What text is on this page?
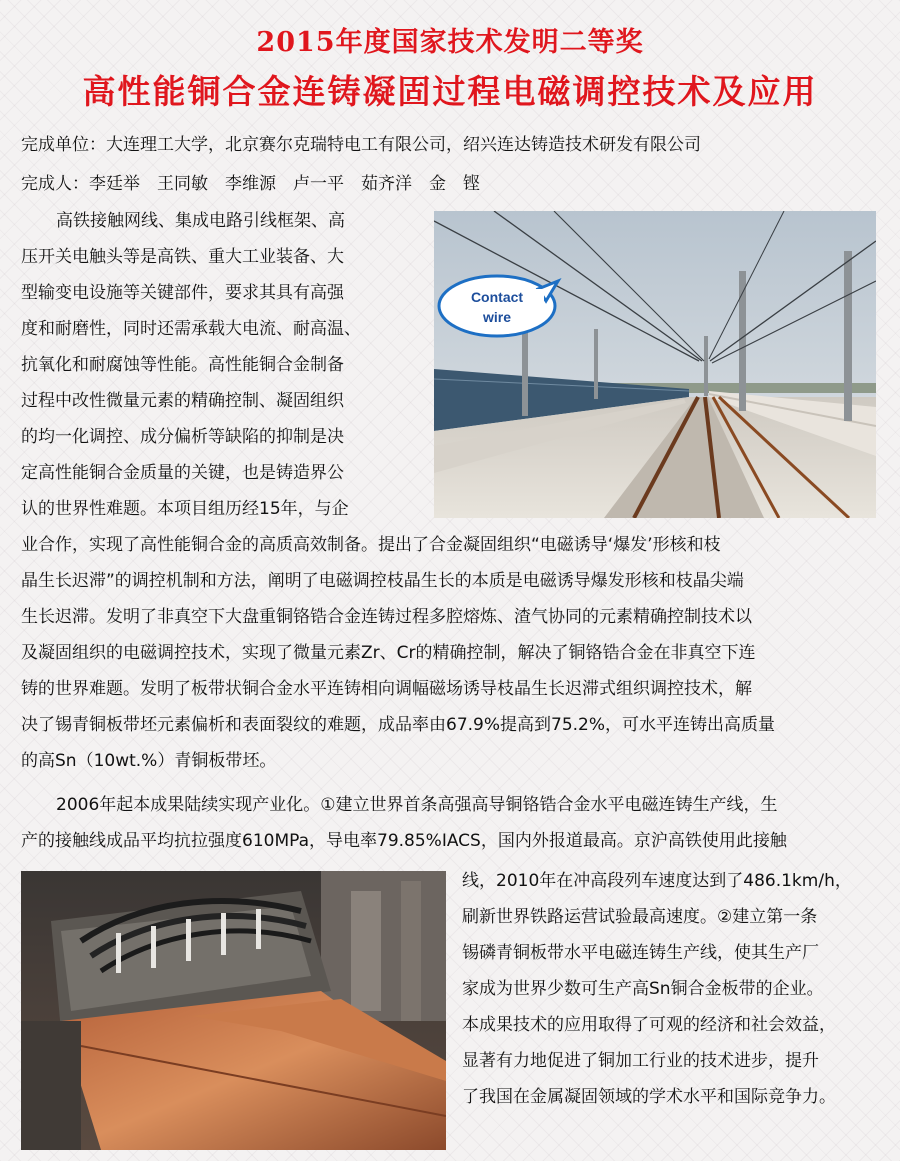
2015年度国家技术发明二等奖
高性能铜合金连铸凝固过程电磁调控技术及应用
完成单位：大连理工大学，北京赛尔克瑞特电工有限公司，绍兴连达铸造技术研发有限公司
完成人：李廷举　王同敏　李维源　卢一平　茹齐洋　金　铿
高铁接触网线、集成电路引线框架、高
压开关电触头等是高铁、重大工业装备、大
型输变电设施等关键部件，要求其具有高强
度和耐磨性，同时还需承载大电流、耐高温、
抗氧化和耐腐蚀等性能。高性能铜合金制备
过程中改性微量元素的精确控制、凝固组织
的均一化调控、成分偏析等缺陷的抑制是决
定高性能铜合金质量的关键，也是铸造界公
认的世界性难题。本项目组历经15年，与企
业合作，实现了高性能铜合金的高质高效制备。提出了合金凝固组织“电磁诱导‘爆发’形核和枝
晶生长迟滞”的调控机制和方法，阐明了电磁调控枝晶生长的本质是电磁诱导爆发形核和枝晶尖端
生长迟滞。发明了非真空下大盘重铜铬锆合金连铸过程多腔熔炼、渣气协同的元素精确控制技术以
及凝固组织的电磁调控技术，实现了微量元素Zr、Cr的精确控制，解决了铜铬锆合金在非真空下连
铸的世界难题。发明了板带状铜合金水平连铸相向调幅磁场诱导枝晶生长迟滞式组织调控技术，解
决了锡青铜板带坯元素偏析和表面裂纹的难题，成品率由67.9%提高到75.2%，可水平连铸出高质量
的高Sn（10wt.%）青铜板带坯。
2006年起本成果陆续实现产业化。①建立世界首条高强高导铜铬锆合金水平电磁连铸生产线，生
产的接触线成品平均抗拉强度610MPa，导电率79.85%IACS，国内外报道最高。京沪高铁使用此接触
线，2010年在冲高段列车速度达到了486.1km/h，
刷新世界铁路运营试验最高速度。②建立第一条
锡磷青铜板带水平电磁连铸生产线，使其生产厂
家成为世界少数可生产高Sn铜合金板带的企业。
本成果技术的应用取得了可观的经济和社会效益，
显著有力地促进了铜加工行业的技术进步，提升
了我国在金属凝固领域的学术水平和国际竞争力。
Contact
wire
